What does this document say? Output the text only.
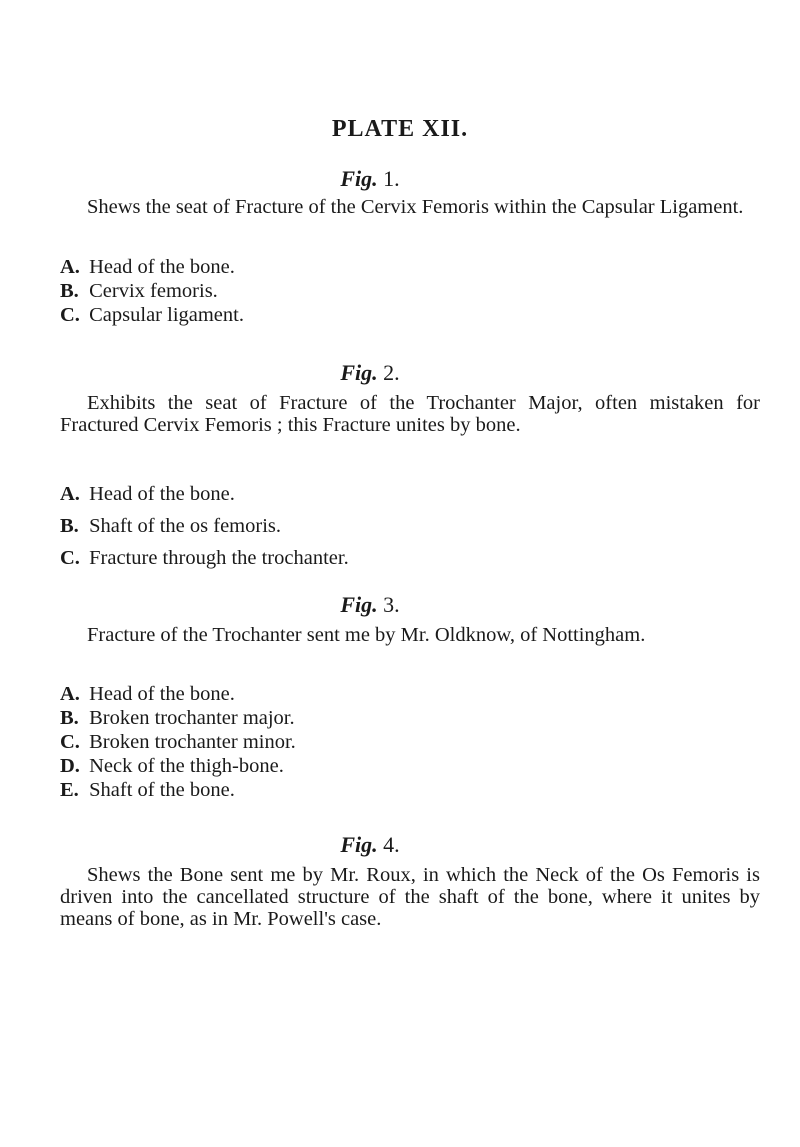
PLATE XII.
Fig. 1.

Shews the seat of Fracture of the Cervix Femoris within the Capsular Ligament.

A. Head of the bone.
B. Cervix femoris.
C. Capsular ligament.
Fig. 2.

Exhibits the seat of Fracture of the Trochanter Major, often mistaken for Fractured Cervix Femoris ; this Fracture unites by bone.

A. Head of the bone.
B. Shaft of the os femoris.
C. Fracture through the trochanter.
Fig. 3.

Fracture of the Trochanter sent me by Mr. Oldknow, of Nottingham.

A. Head of the bone.
B. Broken trochanter major.
C. Broken trochanter minor.
D. Neck of the thigh-bone.
E. Shaft of the bone.
Fig. 4.

Shews the Bone sent me by Mr. Roux, in which the Neck of the Os Femoris is driven into the cancellated structure of the shaft of the bone, where it unites by means of bone, as in Mr. Powell's case.
